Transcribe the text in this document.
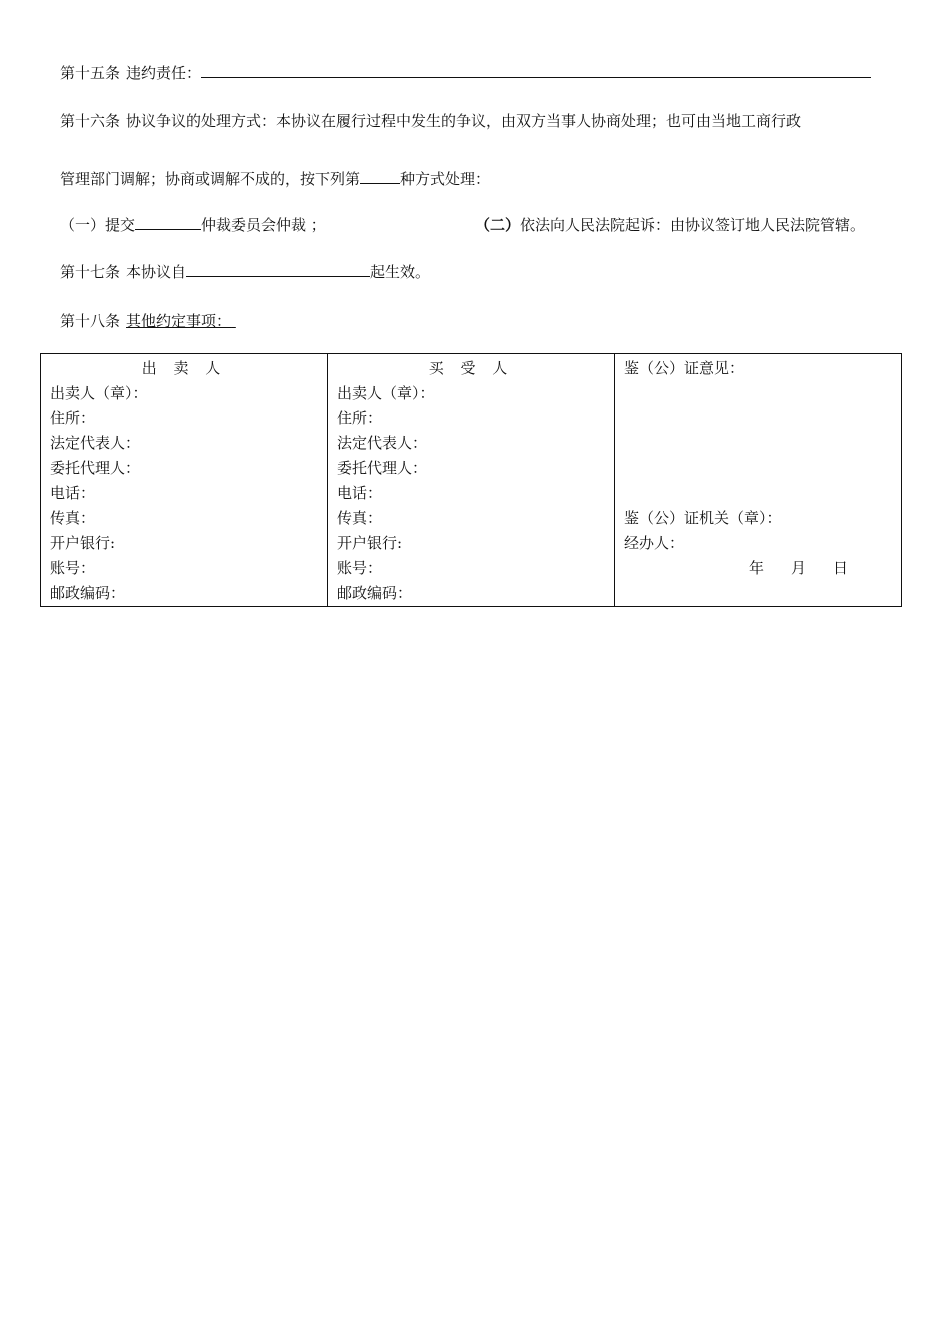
第十五条 违约责任：
第十六条 协议争议的处理方式：本协议在履行过程中发生的争议，由双方当事人协商处理；也可由当地工商行政
管理部门调解；协商或调解不成的，按下列第	种方式处理：
（一）提交	仲裁委员会仲裁 ；	（二）依法向人民法院起诉：由协议签订地人民法院管辖。
第十七条 本协议自	起生效。
第十八条 其他约定事项：
出 卖 人
出卖人（章）：
住所：
法定代表人：
委托代理人：
电话：
传真：
开户银行:
账号：
邮政编码：

买 受 人
出卖人（章）：
住所：
法定代表人：
委托代理人：
电话：
传真：
开户银行:
账号：
邮政编码：

鉴（公）证意见：
鉴（公）证机关（章）：
经办人：
年 月 日
